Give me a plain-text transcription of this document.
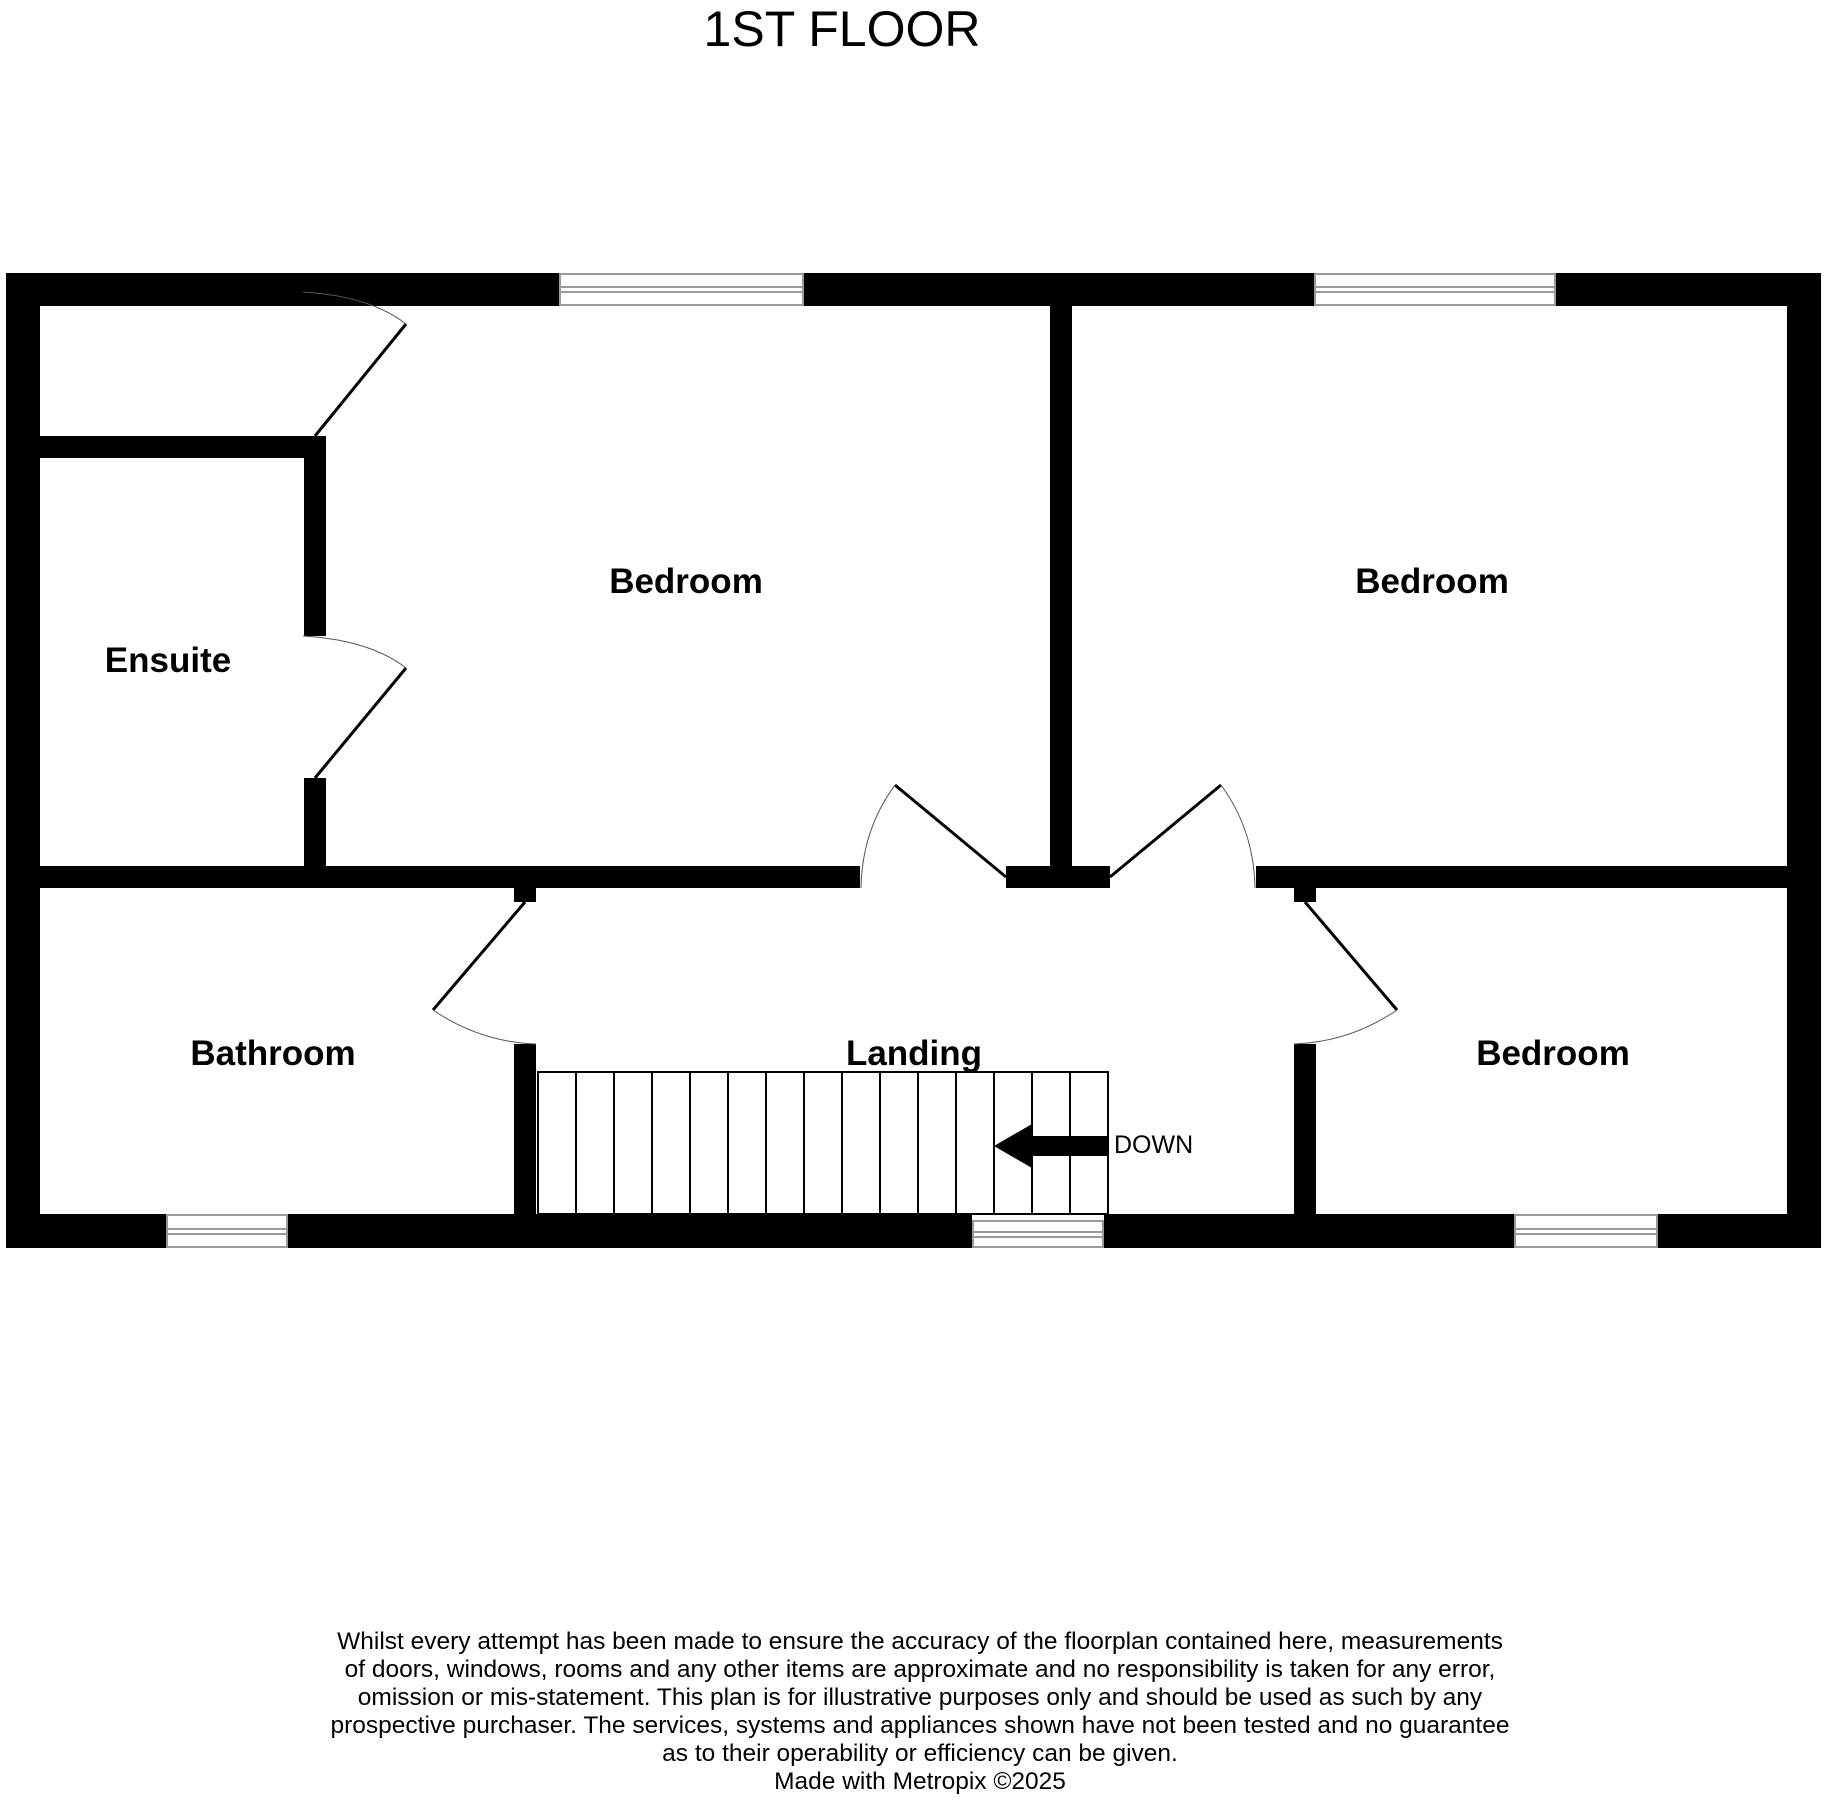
1ST FLOOR
Bedroom	Bedroom
Ensuite
Bathroom	Landing	Bedroom
DOWN
Whilst every attempt has been made to ensure the accuracy of the floorplan contained here, measurements
of doors, windows, rooms and any other items are approximate and no responsibility is taken for any error,
omission or mis-statement. This plan is for illustrative purposes only and should be used as such by any
prospective purchaser. The services, systems and appliances shown have not been tested and no guarantee
as to their operability or efficiency can be given.
Made with Metropix ©2025
